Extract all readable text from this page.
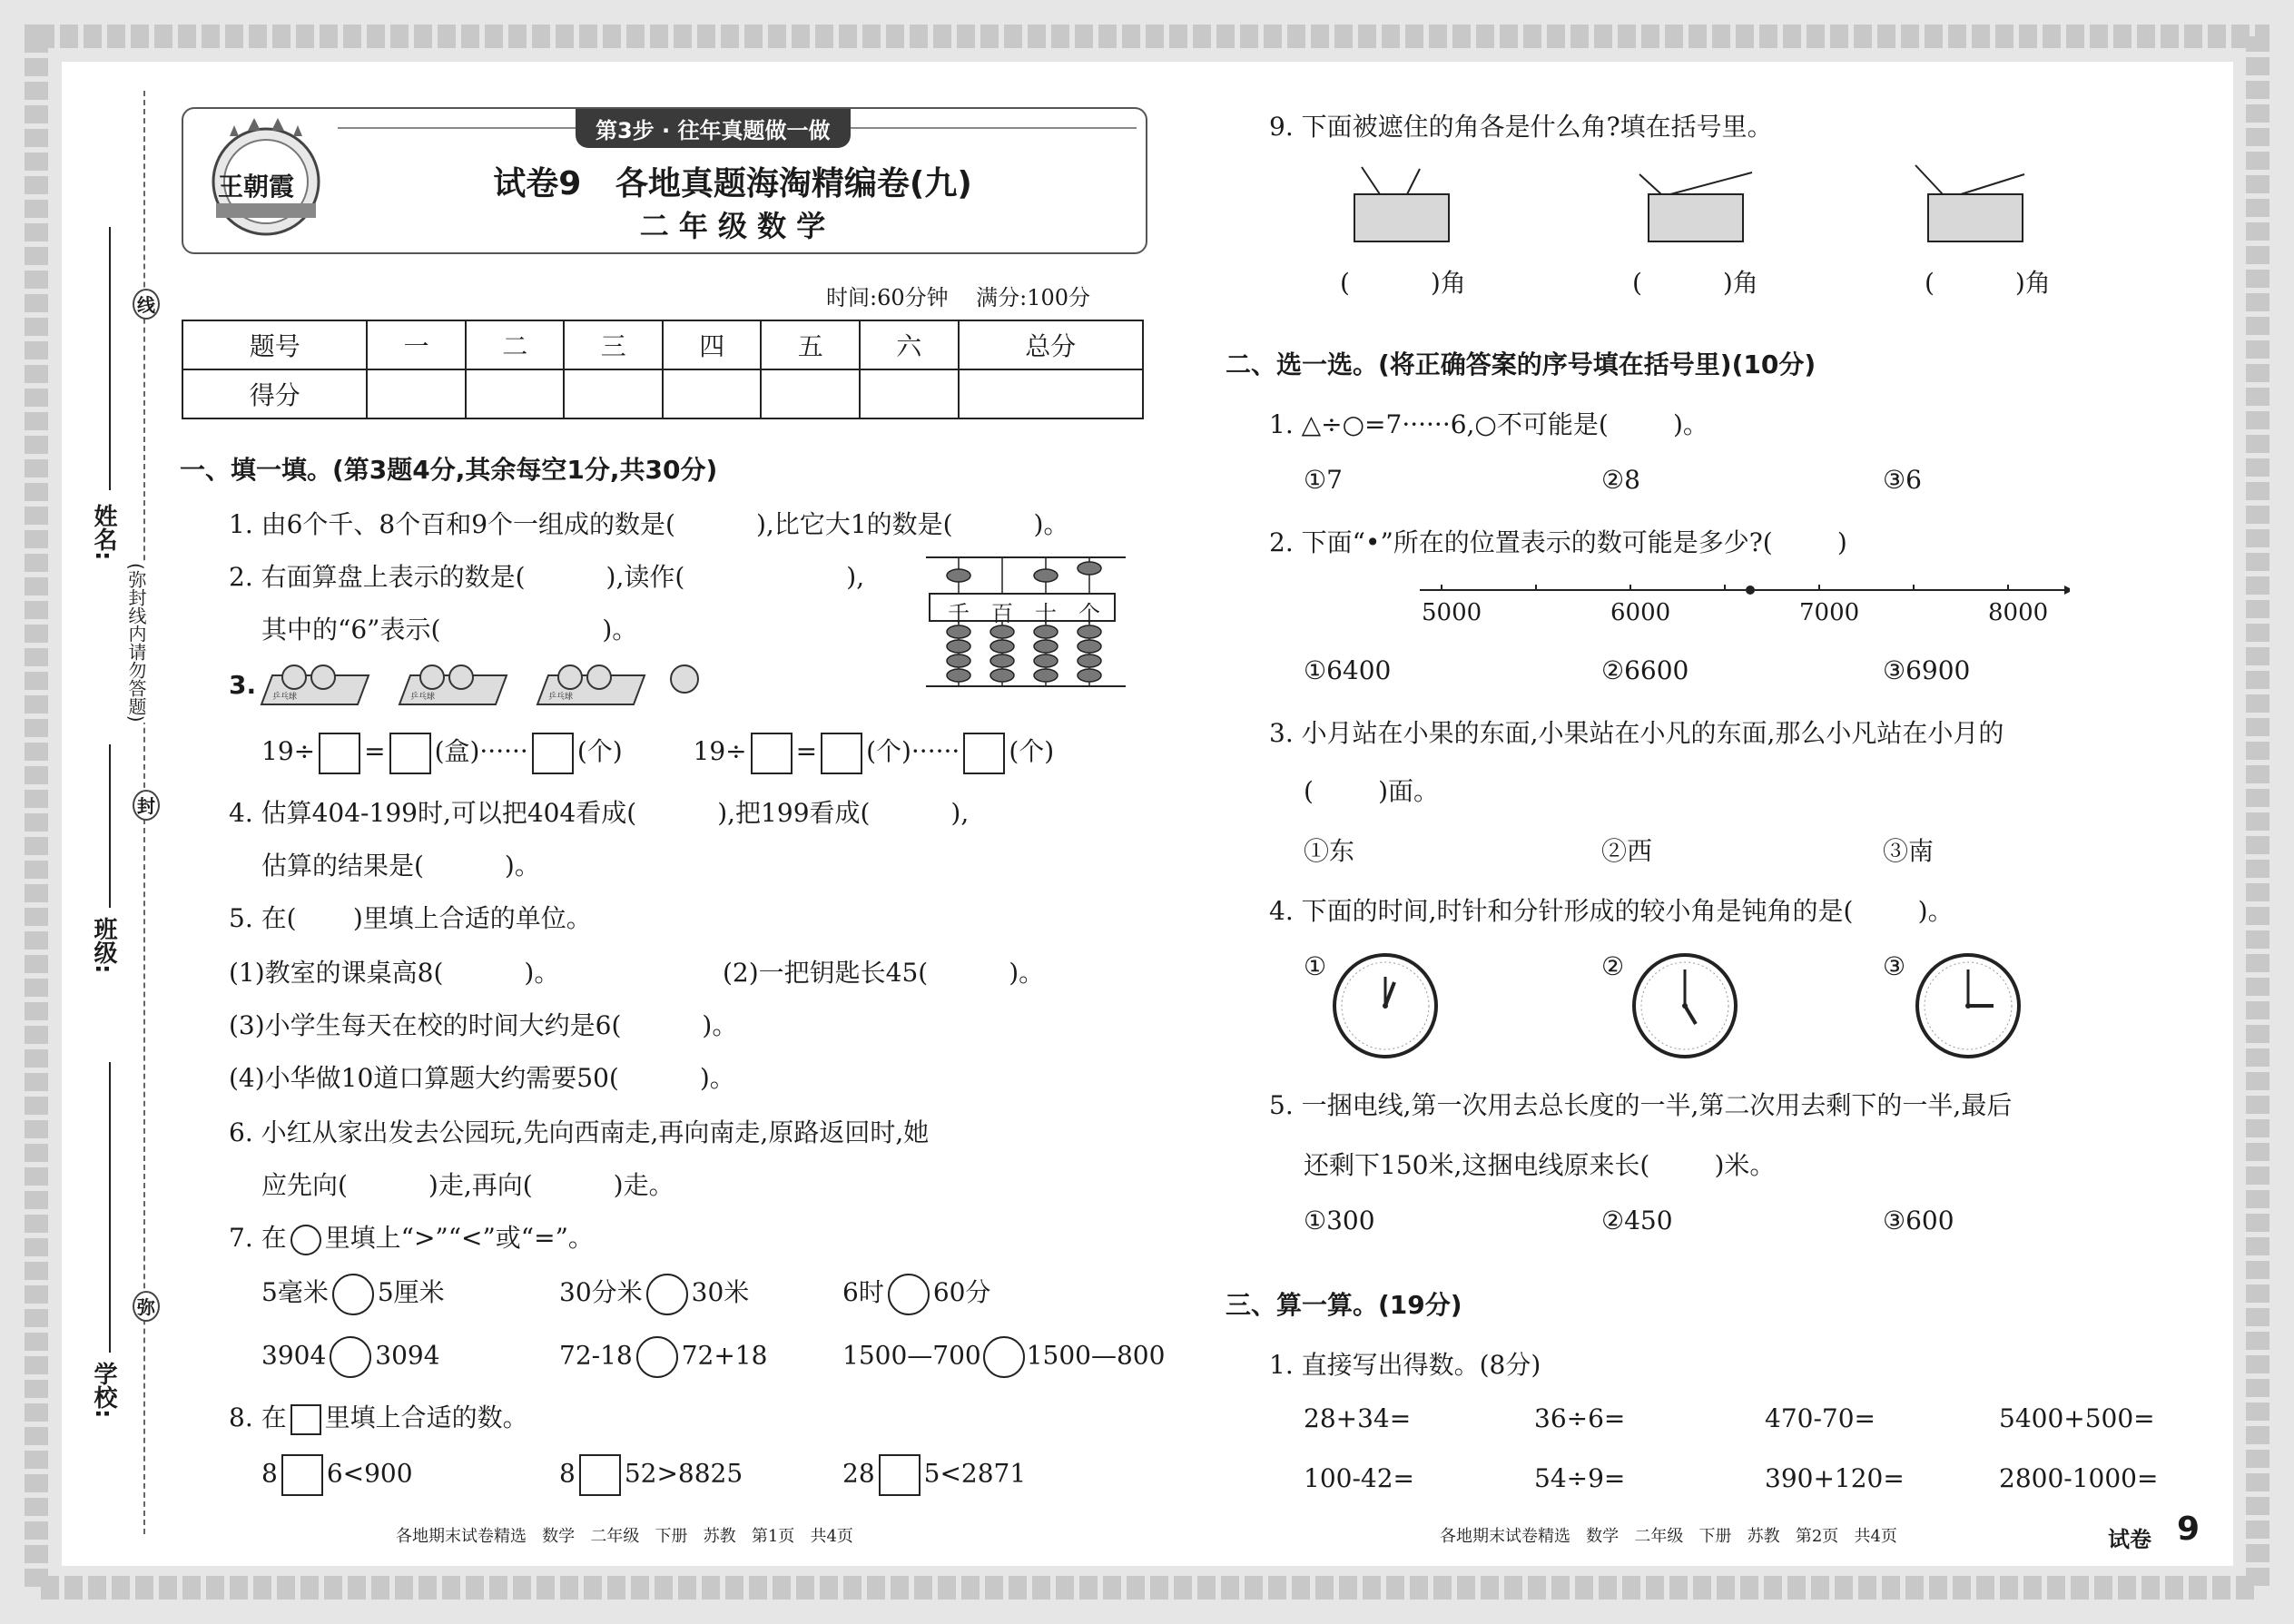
线
姓名:
(弥封线内请勿答题)
封
班级:
弥
学校:
王朝霞
第3步 · 往年真题做一做
试卷9   各地真题海淘精编卷(九)
二 年 级 数 学
时间:60分钟    满分:100分
题号	一	二	三	四	五	六	总分
得分							
一、填一填。(第3题4分,其余每空1分,共30分)
1. 由6个千、8个百和9个一组成的数是(          ),比它大1的数是(          )。
2. 右面算盘上表示的数是(          ),读作(                    ),
其中的“6”表示(                    )。
千 百 十 个
3. 乒乓球	乒乓球	乒乓球
19÷ = (盒)······ (个)	19÷ = (个)······ (个)
4. 估算404-199时,可以把404看成(          ),把199看成(          ),
估算的结果是(          )。
5. 在(       )里填上合适的单位。
(1)教室的课桌高8(          )。	(2)一把钥匙长45(          )。
(3)小学生每天在校的时间大约是6(          )。
(4)小华做10道口算题大约需要50(          )。
6. 小红从家出发去公园玩,先向西南走,再向南走,原路返回时,她
应先向(          )走,再向(          )走。
7. 在 里填上“>”“<”或“=”。
5毫米 5厘米	30分米 30米	6时 60分
3904 3094	72-18 72+18	1500—700 1500—800
8. 在 里填上合适的数。
8 6<900	8 52>8825	28 5<2871
各地期末试卷精选   数学   二年级   下册   苏教   第1页   共4页
9. 下面被遮住的角各是什么角?填在括号里。
(          )角	(          )角	(          )角
二、选一选。(将正确答案的序号填在括号里)(10分)
1. △÷○=7······6,○不可能是(        )。
①7	②8	③6
2. 下面“•”所在的位置表示的数可能是多少?(        )
5000	6000	7000	8000
①6400	②6600	③6900
3. 小月站在小果的东面,小果站在小凡的东面,那么小凡站在小月的
(        )面。
①东	②西	③南
4. 下面的时间,时针和分针形成的较小角是钝角的是(        )。
①	②	③
5. 一捆电线,第一次用去总长度的一半,第二次用去剩下的一半,最后
还剩下150米,这捆电线原来长(        )米。
①300	②450	③600
三、算一算。(19分)
1. 直接写出得数。(8分)
28+34=	36÷6=	470-70=	5400+500=
100-42=	54÷9=	390+120=	2800-1000=
各地期末试卷精选   数学   二年级   下册   苏教   第2页   共4页	试卷 9
